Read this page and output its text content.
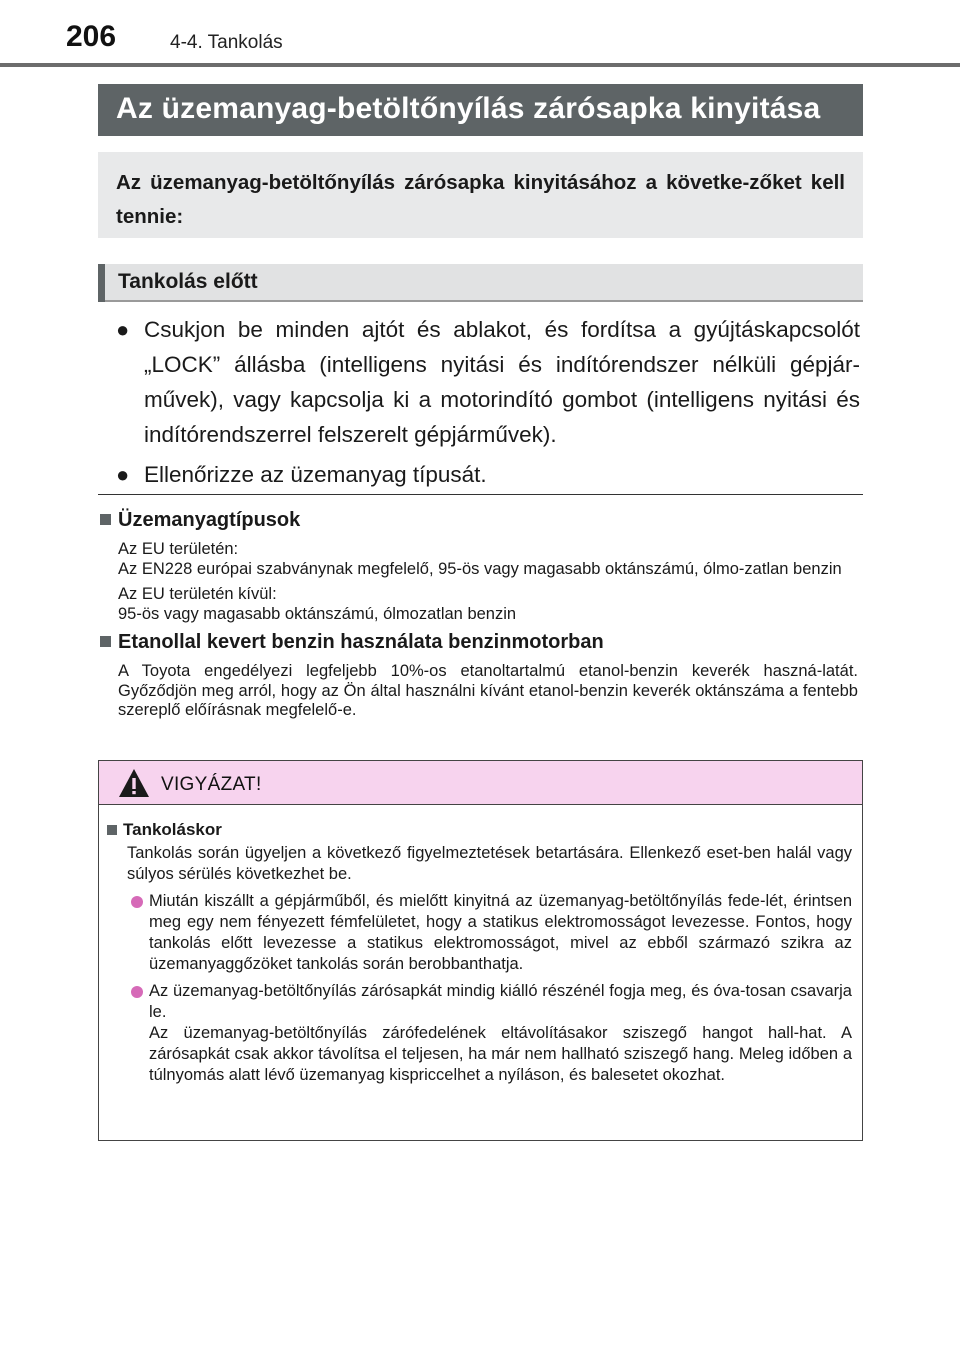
206	4-4. Tankolás
Az üzemanyag-betöltőnyílás zárósapka kinyitása
Az üzemanyag-betöltőnyílás zárósapka kinyitásához a követke-zőket kell tennie:
Tankolás előtt
● Csukjon be minden ajtót és ablakot, és fordítsa a gyújtáskapcsolót „LOCK” állásba (intelligens nyitási és indítórendszer nélküli gépjár-művek), vagy kapcsolja ki a motorindító gombot (intelligens nyitási és indítórendszerrel felszerelt gépjárművek).
● Ellenőrizze az üzemanyag típusát.
Üzemanyagtípusok
Az EU területén:
Az EN228 európai szabványnak megfelelő, 95-ös vagy magasabb oktánszámú, ólmo-zatlan benzin
Az EU területén kívül:
95-ös vagy magasabb oktánszámú, ólmozatlan benzin
Etanollal kevert benzin használata benzinmotorban
A Toyota engedélyezi legfeljebb 10%-os etanoltartalmú etanol-benzin keverék haszná-latát. Győződjön meg arról, hogy az Ön által használni kívánt etanol-benzin keverék oktánszáma a fentebb szereplő előírásnak megfelelő-e.
VIGYÁZAT!
Tankoláskor
Tankolás során ügyeljen a következő figyelmeztetések betartására. Ellenkező eset-ben halál vagy súlyos sérülés következhet be.
Miután kiszállt a gépjárműből, és mielőtt kinyitná az üzemanyag-betöltőnyílás fede-lét, érintsen meg egy nem fényezett fémfelületet, hogy a statikus elektromosságot levezesse. Fontos, hogy tankolás előtt levezesse a statikus elektromosságot, mivel az ebből származó szikra az üzemanyaggőzöket tankolás során berobbanthatja.
Az üzemanyag-betöltőnyílás zárósapkát mindig kiálló részénél fogja meg, és óva-tosan csavarja le.
Az üzemanyag-betöltőnyílás zárófedelének eltávolításakor sziszegő hangot hall-hat. A zárósapkát csak akkor távolítsa el teljesen, ha már nem hallható sziszegő hang. Meleg időben a túlnyomás alatt lévő üzemanyag kispriccelhet a nyíláson, és balesetet okozhat.
